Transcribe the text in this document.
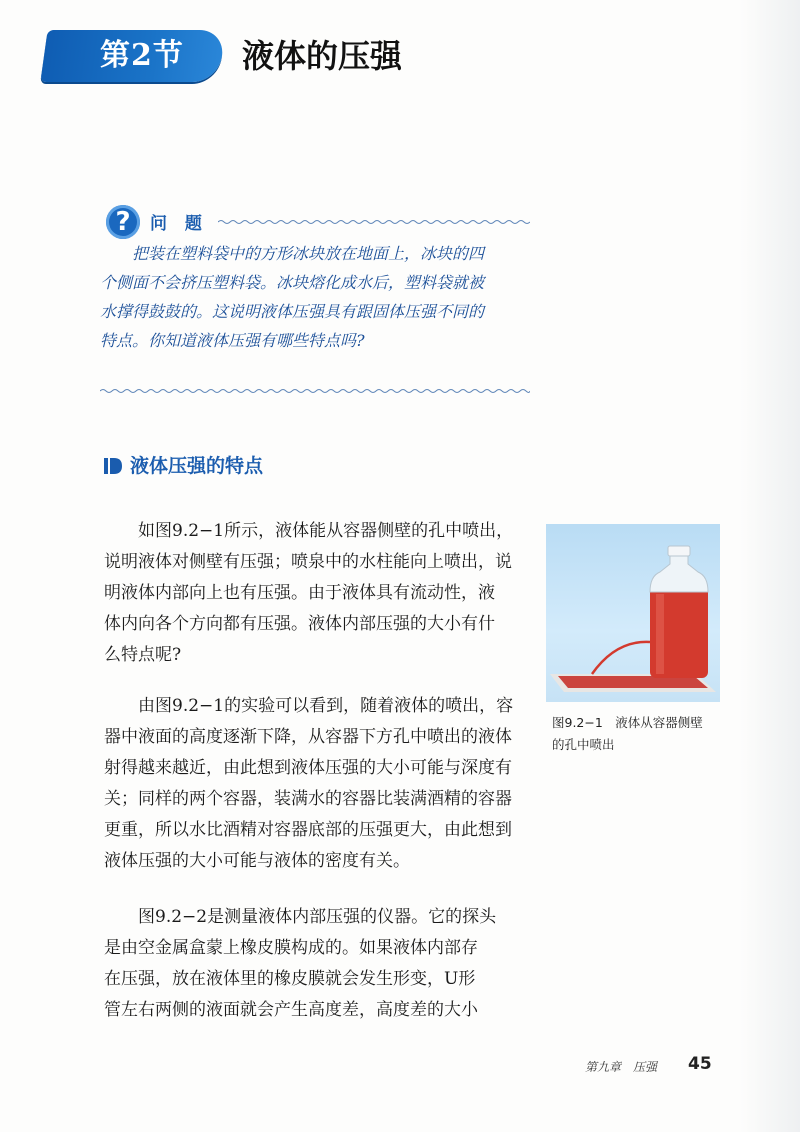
第2节 液体的压强
?	问 题
　　把装在塑料袋中的方形冰块放在地面上，冰块的四
个侧面不会挤压塑料袋。冰块熔化成水后，塑料袋就被
水撑得鼓鼓的。这说明液体压强具有跟固体压强不同的
特点。你知道液体压强有哪些特点吗?
液体压强的特点
　　如图9.2−1所示，液体能从容器侧壁的孔中喷出，
说明液体对侧壁有压强；喷泉中的水柱能向上喷出，说
明液体内部向上也有压强。由于液体具有流动性，液
体内向各个方向都有压强。液体内部压强的大小有什
么特点呢?
　　由图9.2−1的实验可以看到，随着液体的喷出，容
器中液面的高度逐渐下降，从容器下方孔中喷出的液体
射得越来越近，由此想到液体压强的大小可能与深度有
关；同样的两个容器，装满水的容器比装满酒精的容器
更重，所以水比酒精对容器底部的压强更大，由此想到
液体压强的大小可能与液体的密度有关。
　　图9.2−2是测量液体内部压强的仪器。它的探头
是由空金属盒蒙上橡皮膜构成的。如果液体内部存
在压强，放在液体里的橡皮膜就会发生形变，U形
管左右两侧的液面就会产生高度差，高度差的大小
图9.2−1　液体从容器侧壁
的孔中喷出
第九章　压强 45
